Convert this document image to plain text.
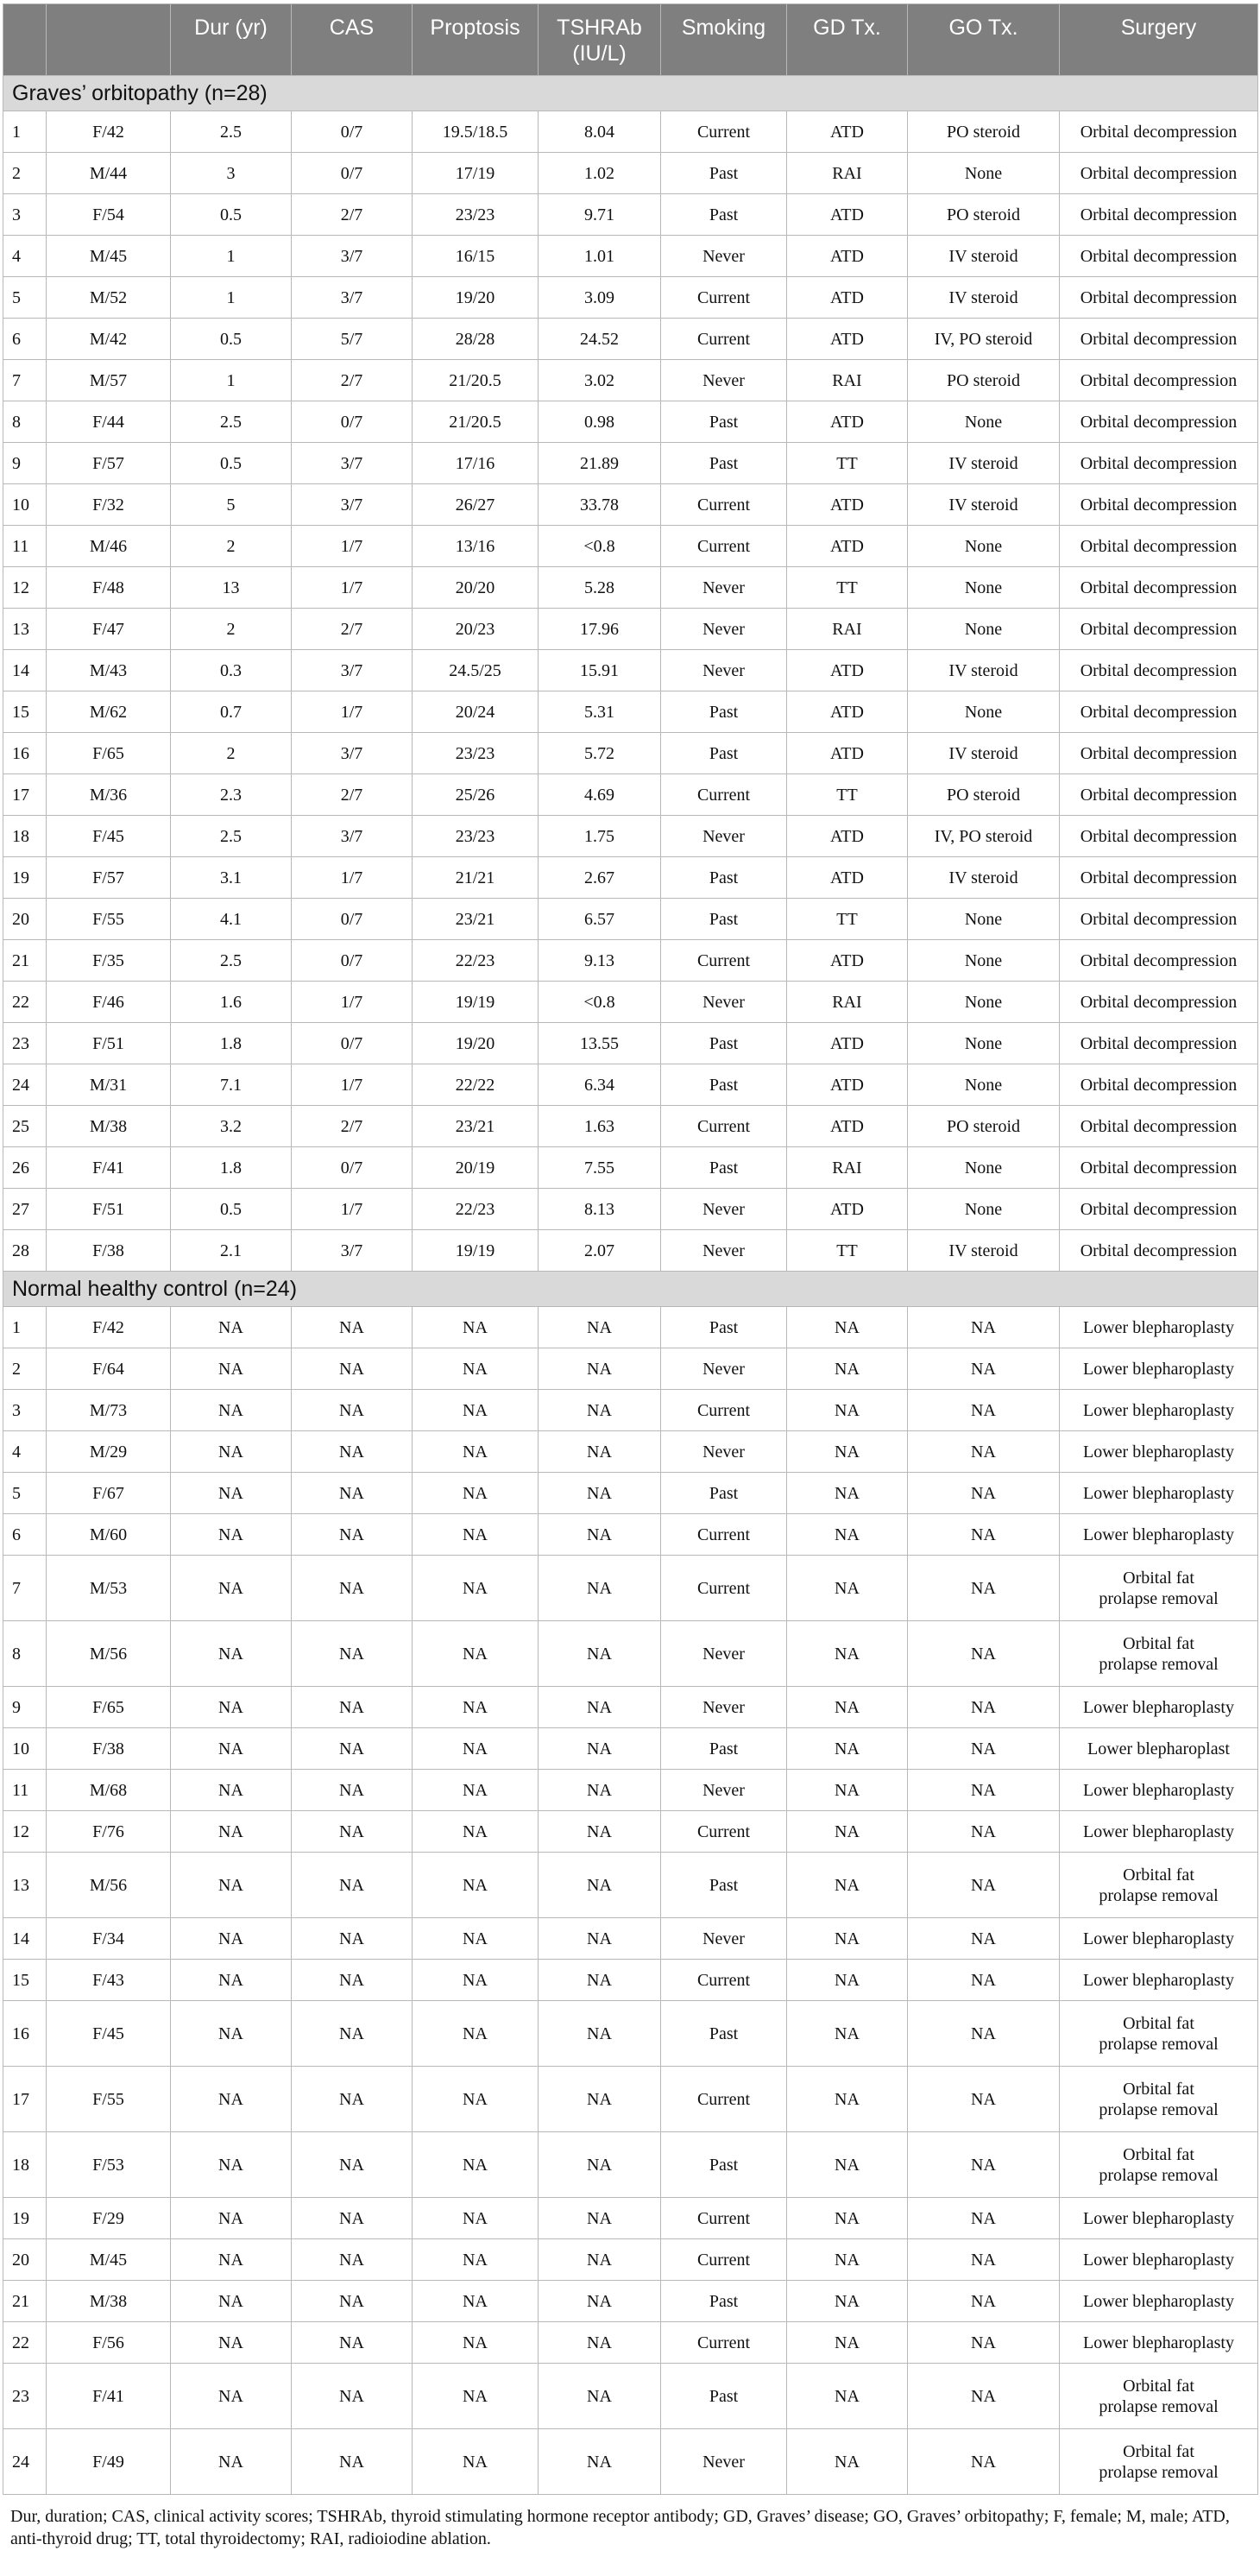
		Dur (yr)	CAS	Proptosis	TSHRAb (IU/L)	Smoking	GD Tx.	GO Tx.	Surgery
Graves’ orbitopathy (n=28)									
1	F/42	2.5	0/7	19.5/18.5	8.04	Current	ATD	PO steroid	Orbital decompression
2	M/44	3	0/7	17/19	1.02	Past	RAI	None	Orbital decompression
3	F/54	0.5	2/7	23/23	9.71	Past	ATD	PO steroid	Orbital decompression
4	M/45	1	3/7	16/15	1.01	Never	ATD	IV steroid	Orbital decompression
5	M/52	1	3/7	19/20	3.09	Current	ATD	IV steroid	Orbital decompression
6	M/42	0.5	5/7	28/28	24.52	Current	ATD	IV, PO steroid	Orbital decompression
7	M/57	1	2/7	21/20.5	3.02	Never	RAI	PO steroid	Orbital decompression
8	F/44	2.5	0/7	21/20.5	0.98	Past	ATD	None	Orbital decompression
9	F/57	0.5	3/7	17/16	21.89	Past	TT	IV steroid	Orbital decompression
10	F/32	5	3/7	26/27	33.78	Current	ATD	IV steroid	Orbital decompression
11	M/46	2	1/7	13/16	<0.8	Current	ATD	None	Orbital decompression
12	F/48	13	1/7	20/20	5.28	Never	TT	None	Orbital decompression
13	F/47	2	2/7	20/23	17.96	Never	RAI	None	Orbital decompression
14	M/43	0.3	3/7	24.5/25	15.91	Never	ATD	IV steroid	Orbital decompression
15	M/62	0.7	1/7	20/24	5.31	Past	ATD	None	Orbital decompression
16	F/65	2	3/7	23/23	5.72	Past	ATD	IV steroid	Orbital decompression
17	M/36	2.3	2/7	25/26	4.69	Current	TT	PO steroid	Orbital decompression
18	F/45	2.5	3/7	23/23	1.75	Never	ATD	IV, PO steroid	Orbital decompression
19	F/57	3.1	1/7	21/21	2.67	Past	ATD	IV steroid	Orbital decompression
20	F/55	4.1	0/7	23/21	6.57	Past	TT	None	Orbital decompression
21	F/35	2.5	0/7	22/23	9.13	Current	ATD	None	Orbital decompression
22	F/46	1.6	1/7	19/19	<0.8	Never	RAI	None	Orbital decompression
23	F/51	1.8	0/7	19/20	13.55	Past	ATD	None	Orbital decompression
24	M/31	7.1	1/7	22/22	6.34	Past	ATD	None	Orbital decompression
25	M/38	3.2	2/7	23/21	1.63	Current	ATD	PO steroid	Orbital decompression
26	F/41	1.8	0/7	20/19	7.55	Past	RAI	None	Orbital decompression
27	F/51	0.5	1/7	22/23	8.13	Never	ATD	None	Orbital decompression
28	F/38	2.1	3/7	19/19	2.07	Never	TT	IV steroid	Orbital decompression
Normal healthy control (n=24)									
1	F/42	NA	NA	NA	NA	Past	NA	NA	Lower blepharoplasty
2	F/64	NA	NA	NA	NA	Never	NA	NA	Lower blepharoplasty
3	M/73	NA	NA	NA	NA	Current	NA	NA	Lower blepharoplasty
4	M/29	NA	NA	NA	NA	Never	NA	NA	Lower blepharoplasty
5	F/67	NA	NA	NA	NA	Past	NA	NA	Lower blepharoplasty
6	M/60	NA	NA	NA	NA	Current	NA	NA	Lower blepharoplasty
7	M/53	NA	NA	NA	NA	Current	NA	NA	Orbital fat
prolapse removal
8	M/56	NA	NA	NA	NA	Never	NA	NA	Orbital fat
prolapse removal
9	F/65	NA	NA	NA	NA	Never	NA	NA	Lower blepharoplasty
10	F/38	NA	NA	NA	NA	Past	NA	NA	Lower blepharoplast
11	M/68	NA	NA	NA	NA	Never	NA	NA	Lower blepharoplasty
12	F/76	NA	NA	NA	NA	Current	NA	NA	Lower blepharoplasty
13	M/56	NA	NA	NA	NA	Past	NA	NA	Orbital fat
prolapse removal
14	F/34	NA	NA	NA	NA	Never	NA	NA	Lower blepharoplasty
15	F/43	NA	NA	NA	NA	Current	NA	NA	Lower blepharoplasty
16	F/45	NA	NA	NA	NA	Past	NA	NA	Orbital fat
prolapse removal
17	F/55	NA	NA	NA	NA	Current	NA	NA	Orbital fat
prolapse removal
18	F/53	NA	NA	NA	NA	Past	NA	NA	Orbital fat
prolapse removal
19	F/29	NA	NA	NA	NA	Current	NA	NA	Lower blepharoplasty
20	M/45	NA	NA	NA	NA	Current	NA	NA	Lower blepharoplasty
21	M/38	NA	NA	NA	NA	Past	NA	NA	Lower blepharoplasty
22	F/56	NA	NA	NA	NA	Current	NA	NA	Lower blepharoplasty
23	F/41	NA	NA	NA	NA	Past	NA	NA	Orbital fat
prolapse removal
24	F/49	NA	NA	NA	NA	Never	NA	NA	Orbital fat
prolapse removal
Dur, duration; CAS, clinical activity scores; TSHRAb, thyroid stimulating hormone receptor antibody; GD, Graves’ disease; GO, Graves’ orbitopathy; F, female; M, male; ATD, anti-thyroid drug; TT, total thyroidectomy; RAI, radioiodine ablation.
